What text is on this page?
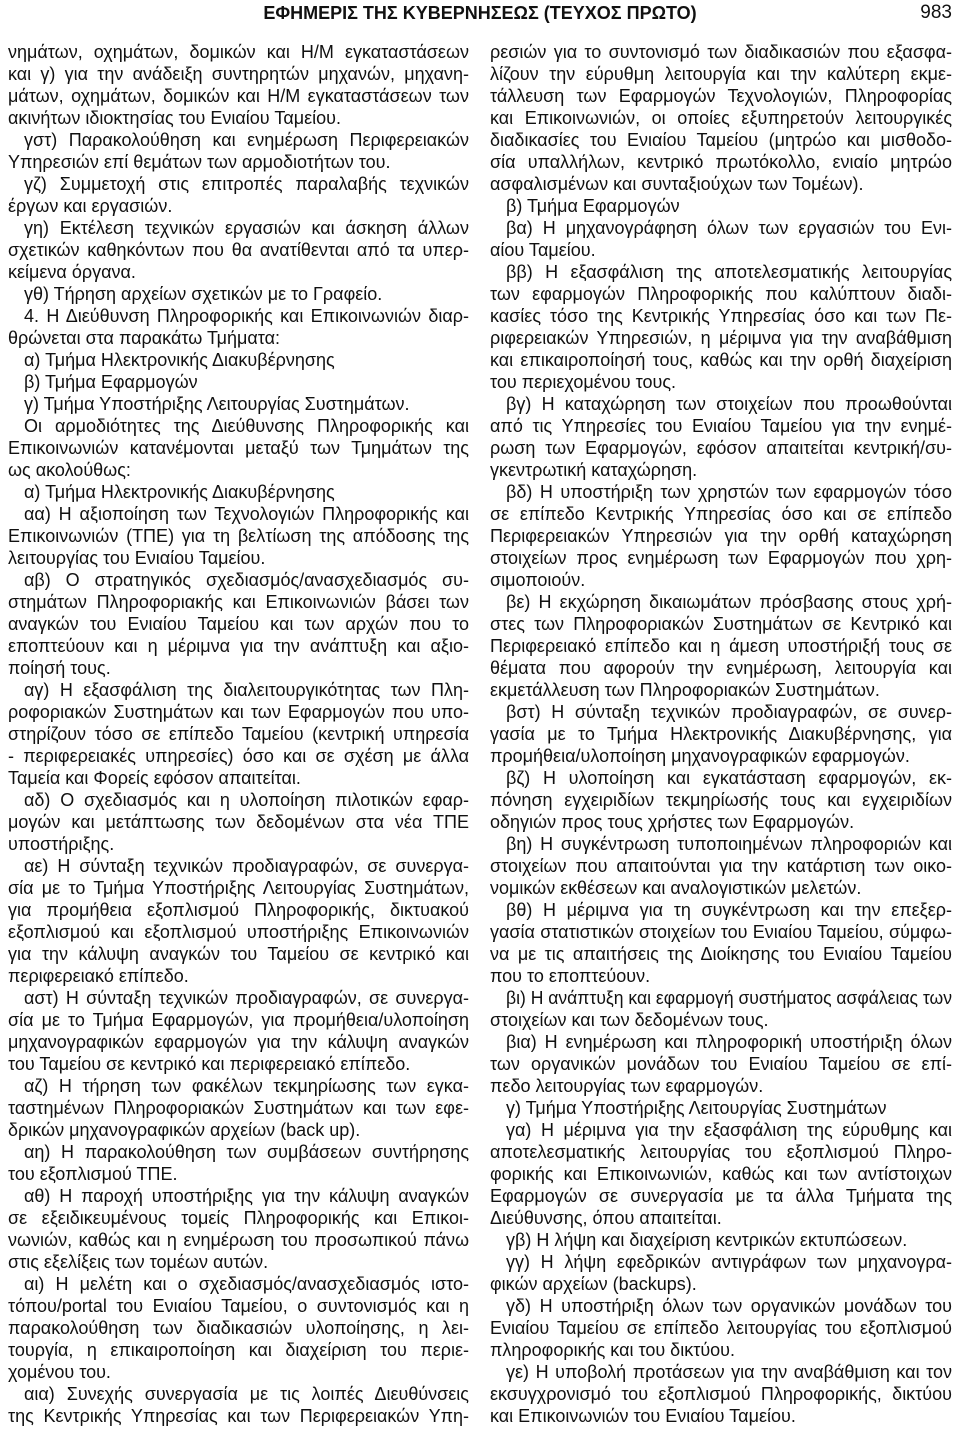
ΕΦΗΜΕΡΙΣ ΤΗΣ ΚΥΒΕΡΝΗΣΕΩΣ (ΤΕΥΧΟΣ ΠΡΩΤΟ)	983
νημάτων, οχημάτων, δομικών και Η/Μ εγκαταστάσεων
και γ) για την ανάδειξη συντηρητών μηχανών, μηχανη-
μάτων, οχημάτων, δομικών και Η/Μ εγκαταστάσεων των
ακινήτων ιδιοκτησίας του Ενιαίου Ταμείου.
γστ) Παρακολούθηση και ενημέρωση Περιφερειακών
Υπηρεσιών επί θεμάτων των αρμοδιοτήτων του.
γζ) Συμμετοχή στις επιτροπές παραλαβής τεχνικών
έργων και εργασιών.
γη) Εκτέλεση τεχνικών εργασιών και άσκηση άλλων
σχετικών καθηκόντων που θα ανατίθενται από τα υπερ-
κείμενα όργανα.
γθ) Τήρηση αρχείων σχετικών με το Γραφείο.
4. Η Διεύθυνση Πληροφορικής και Επικοινωνιών διαρ-
θρώνεται στα παρακάτω Τμήματα:
α) Τμήμα Ηλεκτρονικής Διακυβέρνησης
β) Τμήμα Εφαρμογών
γ) Τμήμα Υποστήριξης Λειτουργίας Συστημάτων.
Οι αρμοδιότητες της Διεύθυνσης Πληροφορικής και
Επικοινωνιών κατανέμονται μεταξύ των Τμημάτων της
ως ακολούθως:
α) Τμήμα Ηλεκτρονικής Διακυβέρνησης
αα) Η αξιοποίηση των Τεχνολογιών Πληροφορικής και
Επικοινωνιών (ΤΠΕ) για τη βελτίωση της απόδοσης της
λειτουργίας του Ενιαίου Ταμείου.
αβ) Ο στρατηγικός σχεδιασμός/ανασχεδιασμός συ-
στημάτων Πληροφοριακής και Επικοινωνιών βάσει των
αναγκών του Ενιαίου Ταμείου και των αρχών που το
εποπτεύουν και η μέριμνα για την ανάπτυξη και αξιο-
ποίησή τους.
αγ) Η εξασφάλιση της διαλειτουργικότητας των Πλη-
ροφοριακών Συστημάτων και των Εφαρμογών που υπο-
στηρίζουν τόσο σε επίπεδο Ταμείου (κεντρική υπηρεσία
- περιφερειακές υπηρεσίες) όσο και σε σχέση με άλλα
Ταμεία και Φορείς εφόσον απαιτείται.
αδ) Ο σχεδιασμός και η υλοποίηση πιλοτικών εφαρ-
μογών και μετάπτωσης των δεδομένων στα νέα ΤΠΕ
υποστήριξης.
αε) Η σύνταξη τεχνικών προδιαγραφών, σε συνεργα-
σία με το Τμήμα Υποστήριξης Λειτουργίας Συστημάτων,
για προμήθεια εξοπλισμού Πληροφορικής, δικτυακού
εξοπλισμού και εξοπλισμού υποστήριξης Επικοινωνιών
για την κάλυψη αναγκών του Ταμείου σε κεντρικό και
περιφερειακό επίπεδο.
αστ) Η σύνταξη τεχνικών προδιαγραφών, σε συνεργα-
σία με το Τμήμα Εφαρμογών, για προμήθεια/υλοποίηση
μηχανογραφικών εφαρμογών για την κάλυψη αναγκών
του Ταμείου σε κεντρικό και περιφερειακό επίπεδο.
αζ) Η τήρηση των φακέλων τεκμηρίωσης των εγκα-
ταστημένων Πληροφοριακών Συστημάτων και των εφε-
δρικών μηχανογραφικών αρχείων (back up).
αη) Η παρακολούθηση των συμβάσεων συντήρησης
του εξοπλισμού ΤΠΕ.
αθ) Η παροχή υποστήριξης για την κάλυψη αναγκών
σε εξειδικευμένους τομείς Πληροφορικής και Επικοι-
νωνιών, καθώς και η ενημέρωση του προσωπικού πάνω
στις εξελίξεις των τομέων αυτών.
αι) Η μελέτη και ο σχεδιασμός/ανασχεδιασμός ιστο-
τόπου/portal του Ενιαίου Ταμείου, ο συντονισμός και η
παρακολούθηση των διαδικασιών υλοποίησης, η λει-
τουργία, η επικαιροποίηση και διαχείριση του περιε-
χομένου του.
αια) Συνεχής συνεργασία με τις λοιπές Διευθύνσεις
της Κεντρικής Υπηρεσίας και των Περιφερειακών Υπη-
ρεσιών για το συντονισμό των διαδικασιών που εξασφα-
λίζουν την εύρυθμη λειτουργία και την καλύτερη εκμε-
τάλλευση των Εφαρμογών Τεχνολογιών, Πληροφορίας
και Επικοινωνιών, οι οποίες εξυπηρετούν λειτουργικές
διαδικασίες του Ενιαίου Ταμείου (μητρώο και μισθοδο-
σία υπαλλήλων, κεντρικό πρωτόκολλο, ενιαίο μητρώο
ασφαλισμένων και συνταξιούχων των Τομέων).
β) Τμήμα Εφαρμογών
βα) Η μηχανογράφηση όλων των εργασιών του Ενι-
αίου Ταμείου.
ββ) Η εξασφάλιση της αποτελεσματικής λειτουργίας
των εφαρμογών Πληροφορικής που καλύπτουν διαδι-
κασίες τόσο της Κεντρικής Υπηρεσίας όσο και των Πε-
ριφερειακών Υπηρεσιών, η μέριμνα για την αναβάθμιση
και επικαιροποίησή τους, καθώς και την ορθή διαχείριση
του περιεχομένου τους.
βγ) Η καταχώρηση των στοιχείων που προωθούνται
από τις Υπηρεσίες του Ενιαίου Ταμείου για την ενημέ-
ρωση των Εφαρμογών, εφόσον απαιτείται κεντρική/συ-
γκεντρωτική καταχώρηση.
βδ) Η υποστήριξη των χρηστών των εφαρμογών τόσο
σε επίπεδο Κεντρικής Υπηρεσίας όσο και σε επίπεδο
Περιφερειακών Υπηρεσιών για την ορθή καταχώρηση
στοιχείων προς ενημέρωση των Εφαρμογών που χρη-
σιμοποιούν.
βε) Η εκχώρηση δικαιωμάτων πρόσβασης στους χρή-
στες των Πληροφοριακών Συστημάτων σε Κεντρικό και
Περιφερειακό επίπεδο και η άμεση υποστήριξή τους σε
θέματα που αφορούν την ενημέρωση, λειτουργία και
εκμετάλλευση των Πληροφοριακών Συστημάτων.
βστ) Η σύνταξη τεχνικών προδιαγραφών, σε συνερ-
γασία με το Τμήμα Ηλεκτρονικής Διακυβέρνησης, για
προμήθεια/υλοποίηση μηχανογραφικών εφαρμογών.
βζ) Η υλοποίηση και εγκατάσταση εφαρμογών, εκ-
πόνηση εγχειριδίων τεκμηρίωσής τους και εγχειριδίων
οδηγιών προς τους χρήστες των Εφαρμογών.
βη) Η συγκέντρωση τυποποιημένων πληροφοριών και
στοιχείων που απαιτούνται για την κατάρτιση των οικο-
νομικών εκθέσεων και αναλογιστικών μελετών.
βθ) Η μέριμνα για τη συγκέντρωση και την επεξερ-
γασία στατιστικών στοιχείων του Ενιαίου Ταμείου, σύμφω-
να με τις απαιτήσεις της Διοίκησης του Ενιαίου Ταμείου
που το εποπτεύουν.
βι) Η ανάπτυξη και εφαρμογή συστήματος ασφάλειας των
στοιχείων και των δεδομένων τους.
βια) Η ενημέρωση και πληροφορική υποστήριξη όλων
των οργανικών μονάδων του Ενιαίου Ταμείου σε επί-
πεδο λειτουργίας των εφαρμογών.
γ) Τμήμα Υποστήριξης Λειτουργίας Συστημάτων
γα) Η μέριμνα για την εξασφάλιση της εύρυθμης και
αποτελεσματικής λειτουργίας του εξοπλισμού Πληρο-
φορικής και Επικοινωνιών, καθώς και των αντίστοιχων
Εφαρμογών σε συνεργασία με τα άλλα Τμήματα της
Διεύθυνσης, όπου απαιτείται.
γβ) Η λήψη και διαχείριση κεντρικών εκτυπώσεων.
γγ) Η λήψη εφεδρικών αντιγράφων των μηχανογρα-
φικών αρχείων (backups).
γδ) Η υποστήριξη όλων των οργανικών μονάδων του
Ενιαίου Ταμείου σε επίπεδο λειτουργίας του εξοπλισμού
πληροφορικής και του δικτύου.
γε) Η υποβολή προτάσεων για την αναβάθμιση και τον
εκσυγχρονισμό του εξοπλισμού Πληροφορικής, δικτύου
και Επικοινωνιών του Ενιαίου Ταμείου.
